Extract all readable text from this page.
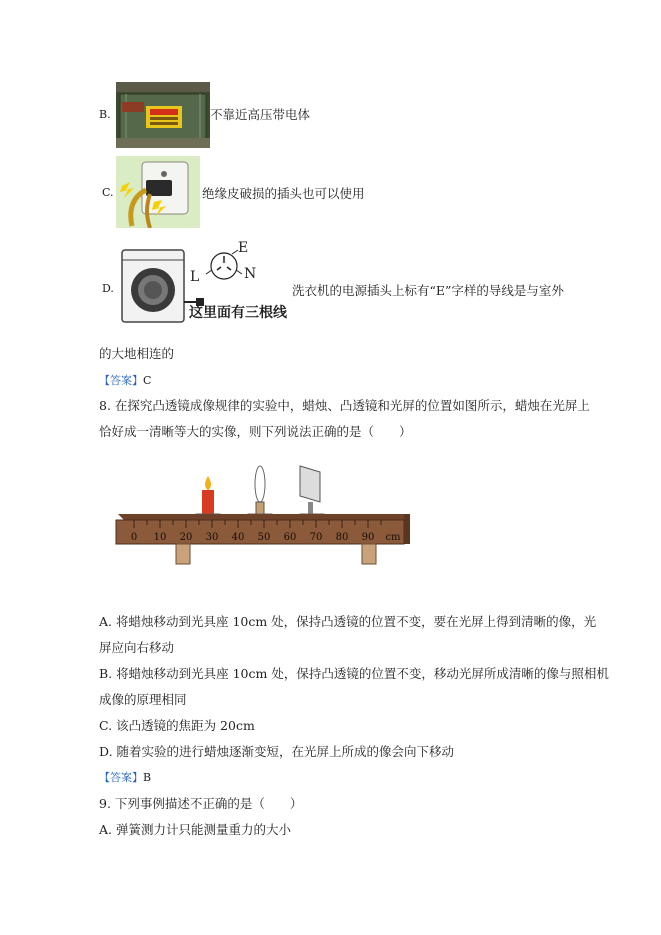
B.	不靠近高压带电体
C.	绝缘皮破损的插头也可以使用
D.
E
L	N
这里面有三根线
洗衣机的电源插头上标有“E”字样的导线是与室外
的大地相连的
【答案】C
8. 在探究凸透镜成像规律的实验中，蜡烛、凸透镜和光屏的位置如图所示，蜡烛在光屏上
恰好成一清晰等大的实像，则下列说法正确的是（　　）
0 10 20 30 40 50 60 70 80 90 cm
A. 将蜡烛移动到光具座 10cm 处，保持凸透镜的位置不变，要在光屏上得到清晰的像，光
屏应向右移动
B. 将蜡烛移动到光具座 10cm 处，保持凸透镜的位置不变，移动光屏所成清晰的像与照相机
成像的原理相同
C. 该凸透镜的焦距为 20cm
D. 随着实验的进行蜡烛逐渐变短，在光屏上所成的像会向下移动
【答案】B
9. 下列事例描述不正确的是（　　）
A. 弹簧测力计只能测量重力的大小
